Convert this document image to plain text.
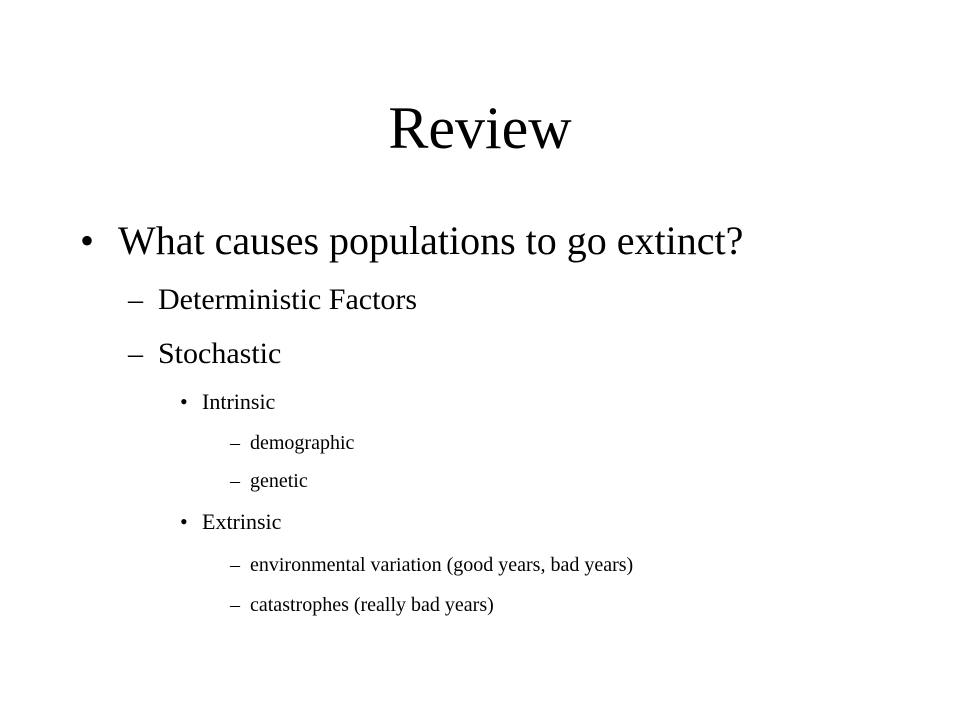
Review
• What causes populations to go extinct?
– Deterministic Factors
– Stochastic
• Intrinsic
– demographic
– genetic
• Extrinsic
– environmental variation (good years, bad years)
– catastrophes (really bad years)
